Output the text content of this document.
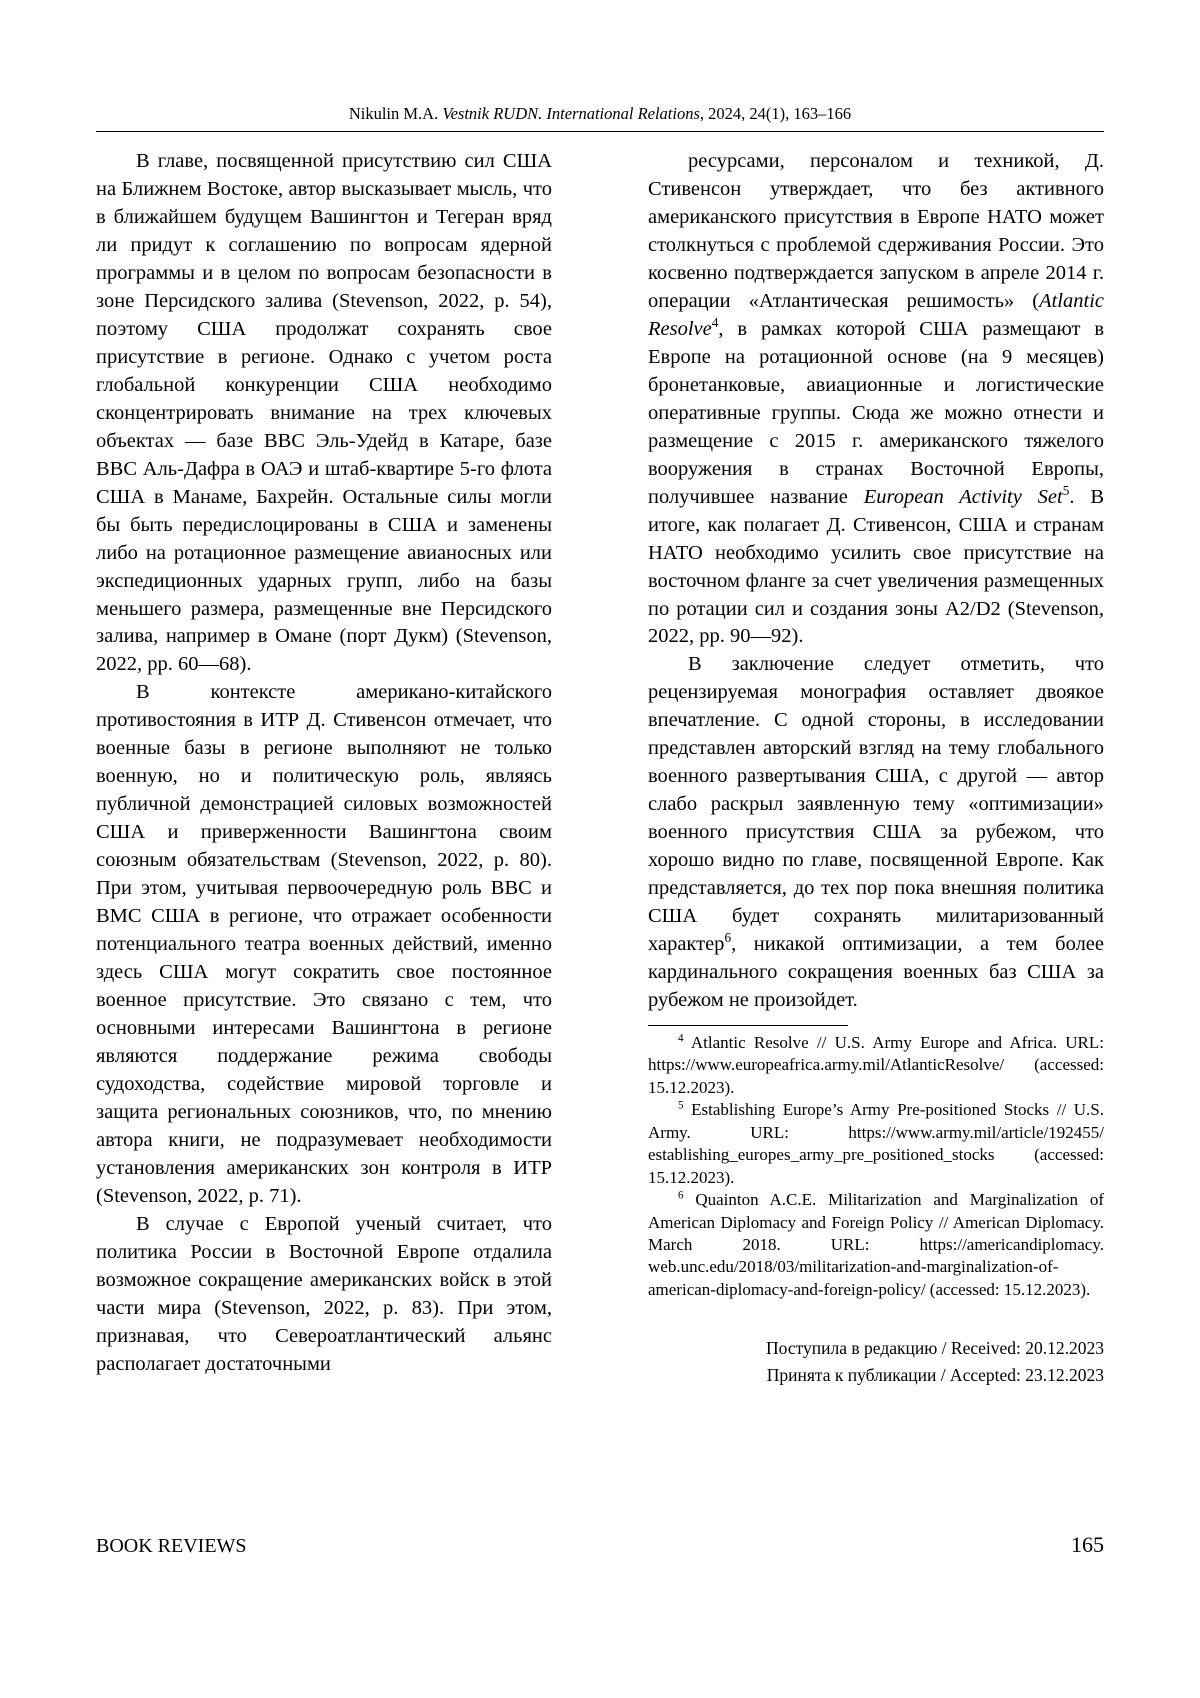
Nikulin M.A. Vestnik RUDN. International Relations, 2024, 24(1), 163–166

В главе, посвященной присутствию сил США на Ближнем Востоке, автор высказывает мысль, что в ближайшем будущем Вашингтон и Тегеран вряд ли придут к соглашению по вопросам ядерной программы и в целом по вопросам безопасности в зоне Персидского залива (Stevenson, 2022, p. 54), поэтому США продолжат сохранять свое присутствие в регионе. Однако с учетом роста глобальной конкуренции США необходимо сконцентрировать внимание на трех ключевых объектах — базе ВВС Эль-Удейд в Катаре, базе ВВС Аль-Дафра в ОАЭ и штаб-квартире 5-го флота США в Манаме, Бахрейн. Остальные силы могли бы быть передислоцированы в США и заменены либо на ротационное размещение авианосных или экспедиционных ударных групп, либо на базы меньшего размера, размещенные вне Персидского залива, например в Омане (порт Дукм) (Stevenson, 2022, pp. 60—68).

В контексте американо-китайского противостояния в ИТР Д. Стивенсон отмечает, что военные базы в регионе выполняют не только военную, но и политическую роль, являясь публичной демонстрацией силовых возможностей США и приверженности Вашингтона своим союзным обязательствам (Stevenson, 2022, p. 80). При этом, учитывая первоочередную роль ВВС и ВМС США в регионе, что отражает особенности потенциального театра военных действий, именно здесь США могут сократить свое постоянное военное присутствие. Это связано с тем, что основными интересами Вашингтона в регионе являются поддержание режима свободы судоходства, содействие мировой торговле и защита региональных союзников, что, по мнению автора книги, не подразумевает необходимости установления американских зон контроля в ИТР (Stevenson, 2022, p. 71).

В случае с Европой ученый считает, что политика России в Восточной Европе отдалила возможное сокращение американских войск в этой части мира (Stevenson, 2022, p. 83). При этом, признавая, что Североатлантический альянс располагает достаточными

ресурсами, персоналом и техникой, Д. Стивенсон утверждает, что без активного американского присутствия в Европе НАТО может столкнуться с проблемой сдерживания России. Это косвенно подтверждается запуском в апреле 2014 г. операции «Атлантическая решимость» (Atlantic Resolve$^4$, в рамках которой США размещают в Европе на ротационной основе (на 9 месяцев) бронетанковые, авиационные и логистические оперативные группы. Сюда же можно отнести и размещение с 2015 г. американского тяжелого вооружения в странах Восточной Европы, получившее название European Activity Set$^5$. В итоге, как полагает Д. Стивенсон, США и странам НАТО необходимо усилить свое присутствие на восточном фланге за счет увеличения размещенных по ротации сил и создания зоны A2/D2 (Stevenson, 2022, pp. 90—92).

В заключение следует отметить, что рецензируемая монография оставляет двоякое впечатление. С одной стороны, в исследовании представлен авторский взгляд на тему глобального военного развертывания США, с другой — автор слабо раскрыл заявленную тему «оптимизации» военного присутствия США за рубежом, что хорошо видно по главе, посвященной Европе. Как представляется, до тех пор пока внешняя политика США будет сохранять милитаризованный характер$^6$, никакой оптимизации, а тем более кардинального сокращения военных баз США за рубежом не произойдет.

$^4$ Atlantic Resolve // U.S. Army Europe and Africa. URL: https://www.europeafrica.army.mil/AtlanticResolve/ (accessed: 15.12.2023).

$^5$ Establishing Europe’s Army Pre-positioned Stocks // U.S. Army. URL: https://www.army.mil/article/192455/ establishing_europes_army_pre_positioned_stocks (accessed: 15.12.2023).

$^6$ Quainton A.C.E. Militarization and Marginalization of American Diplomacy and Foreign Policy // American Diplomacy. March 2018. URL: https://americandiplomacy. web.unc.edu/2018/03/militarization-and-marginalization-of-american-diplomacy-and-foreign-policy/ (accessed: 15.12.2023).

Поступила в редакцию / Received: 20.12.2023
Принята к публикации / Accepted: 23.12.2023
BOOK REVIEWS	165
